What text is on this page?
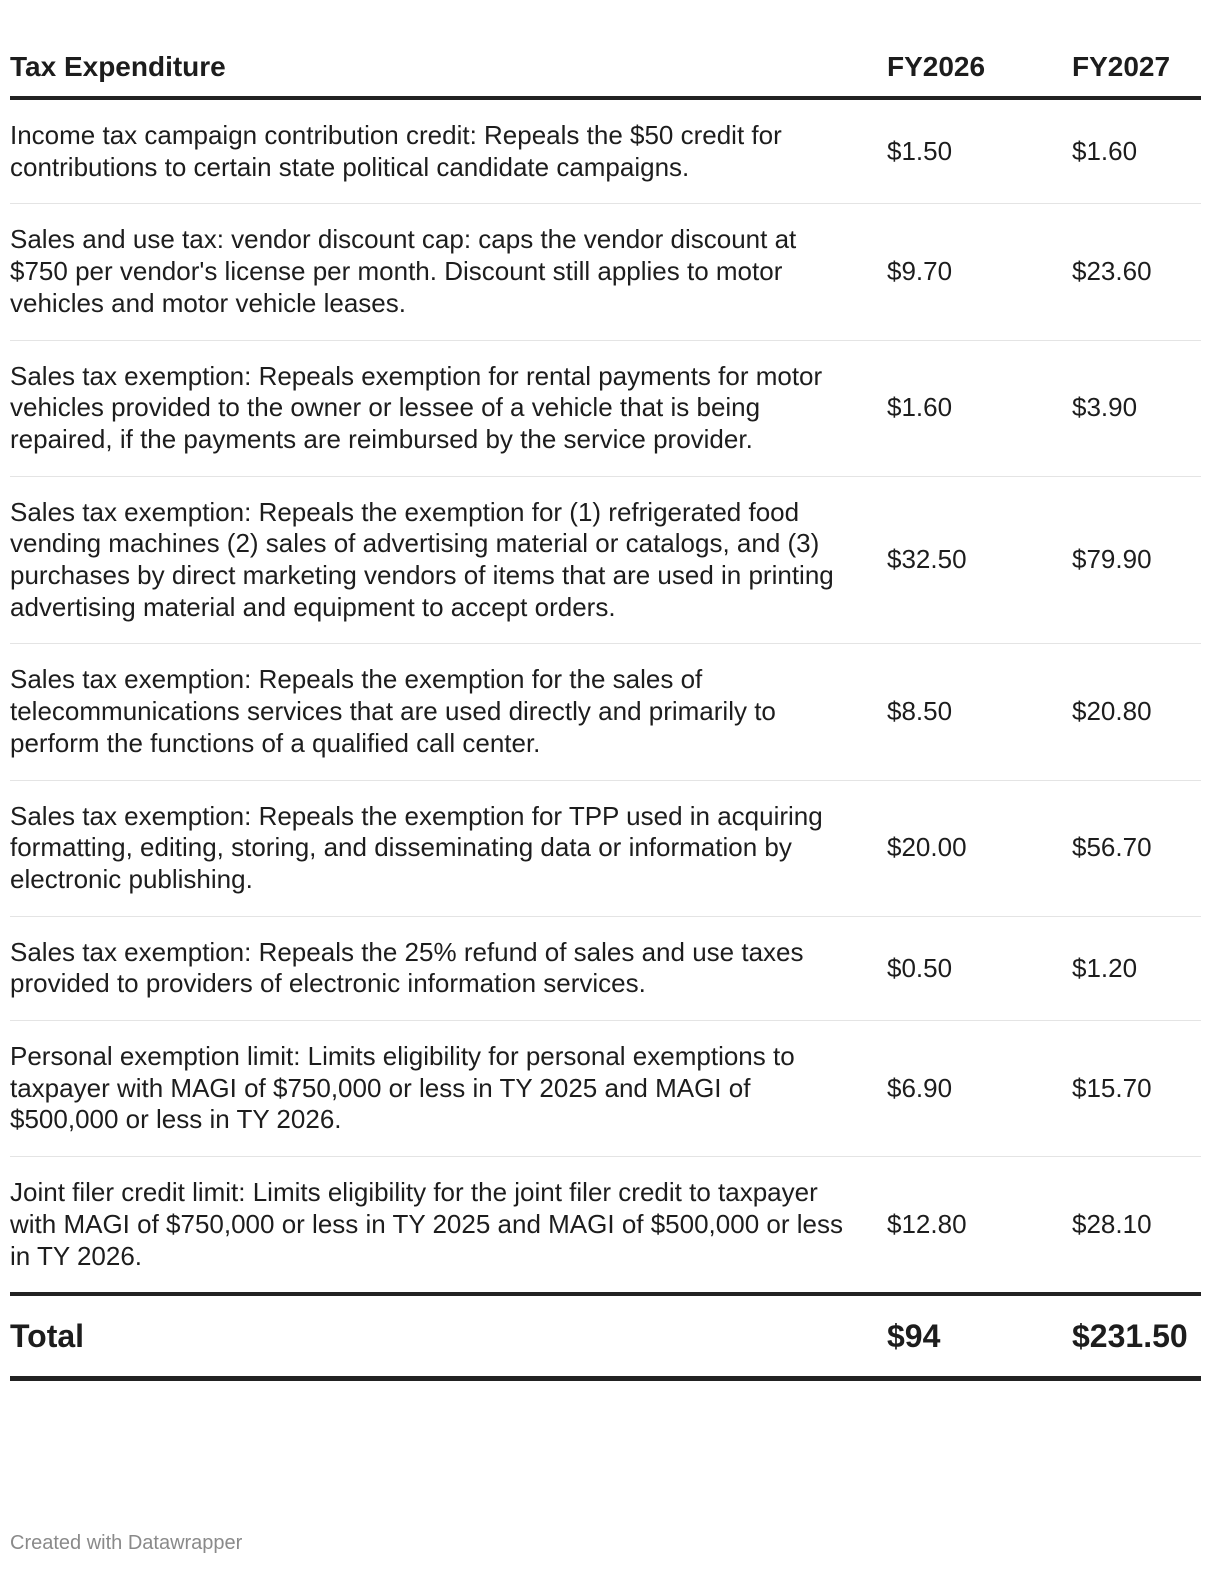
Tax Expenditure	FY2026	FY2027
Income tax campaign contribution credit: Repeals the $50 credit for contributions to certain state political candidate campaigns.	$1.50	$1.60
Sales and use tax: vendor discount cap: caps the vendor discount at $750 per vendor's license per month. Discount still applies to motor vehicles and motor vehicle leases.	$9.70	$23.60
Sales tax exemption: Repeals exemption for rental payments for motor vehicles provided to the owner or lessee of a vehicle that is being repaired, if the payments are reimbursed by the service provider.	$1.60	$3.90
Sales tax exemption: Repeals the exemption for (1) refrigerated food vending machines (2) sales of advertising material or catalogs, and (3) purchases by direct marketing vendors of items that are used in printing advertising material and equipment to accept orders.	$32.50	$79.90
Sales tax exemption: Repeals the exemption for the sales of telecommunications services that are used directly and primarily to perform the functions of a qualified call center.	$8.50	$20.80
Sales tax exemption: Repeals the exemption for TPP used in acquiring formatting, editing, storing, and disseminating data or information by electronic publishing.	$20.00	$56.70
Sales tax exemption: Repeals the 25% refund of sales and use taxes provided to providers of electronic information services.	$0.50	$1.20
Personal exemption limit: Limits eligibility for personal exemptions to taxpayer with MAGI of $750,000 or less in TY 2025 and MAGI of $500,000 or less in TY 2026.	$6.90	$15.70
Joint filer credit limit: Limits eligibility for the joint filer credit to taxpayer with MAGI of $750,000 or less in TY 2025 and MAGI of $500,000 or less in TY 2026.	$12.80	$28.10
Total	$94	$231.50
Created with Datawrapper
